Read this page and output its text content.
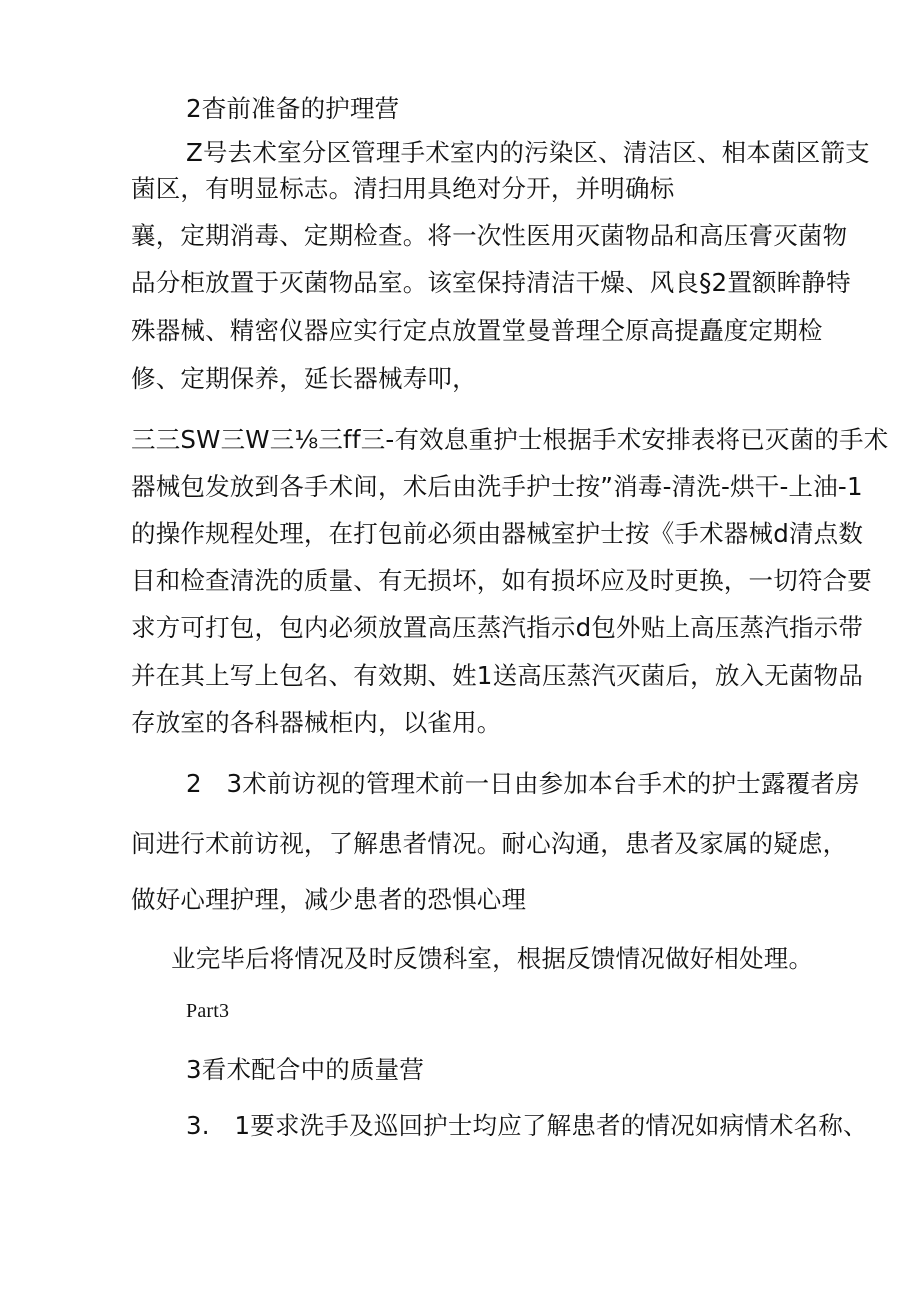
2杳前准备的护理营
Z号去术室分区管理手术室内的污染区、清洁区、相本菌区箭支
菌区，有明显标志。清扫用具绝对分开，并明确标
襄，定期消毒、定期检查。将一次性医用灭菌物品和高压膏灭菌物
品分柜放置于灭菌物品室。该室保持清洁干燥、风良§2置额眸静特
殊器械、精密仪器应实行定点放置堂曼普理仝原高提矗度定期检
修、定期保养，延长器械寿叩，
三三SW三W三⅛三ff三-有效息重护士根据手术安排表将已灭菌的手术
器械包发放到各手术间，术后由洗手护士按”消毒-清洗-烘干-上油-1
的操作规程处理，在打包前必须由器械室护士按《手术器械d清点数
目和检查清洗的质量、有无损坏，如有损坏应及时更换，一切符合要
求方可打包，包内必须放置高压蒸汽指示d包外贴上高压蒸汽指示带
并在其上写上包名、有效期、姓1送高压蒸汽灭菌后，放入无菌物品
存放室的各科器械柜内，以雀用。
2　3术前访视的管理术前一日由参加本台手术的护士露覆者房
间进行术前访视，了解患者情况。耐心沟通，患者及家属的疑虑，
做好心理护理，减少患者的恐惧心理
业完毕后将情况及时反馈科室，根据反馈情况做好相处理。
Part3
3看术配合中的质量营
3.　1要求洗手及巡回护士均应了解患者的情况如病情术名称、
